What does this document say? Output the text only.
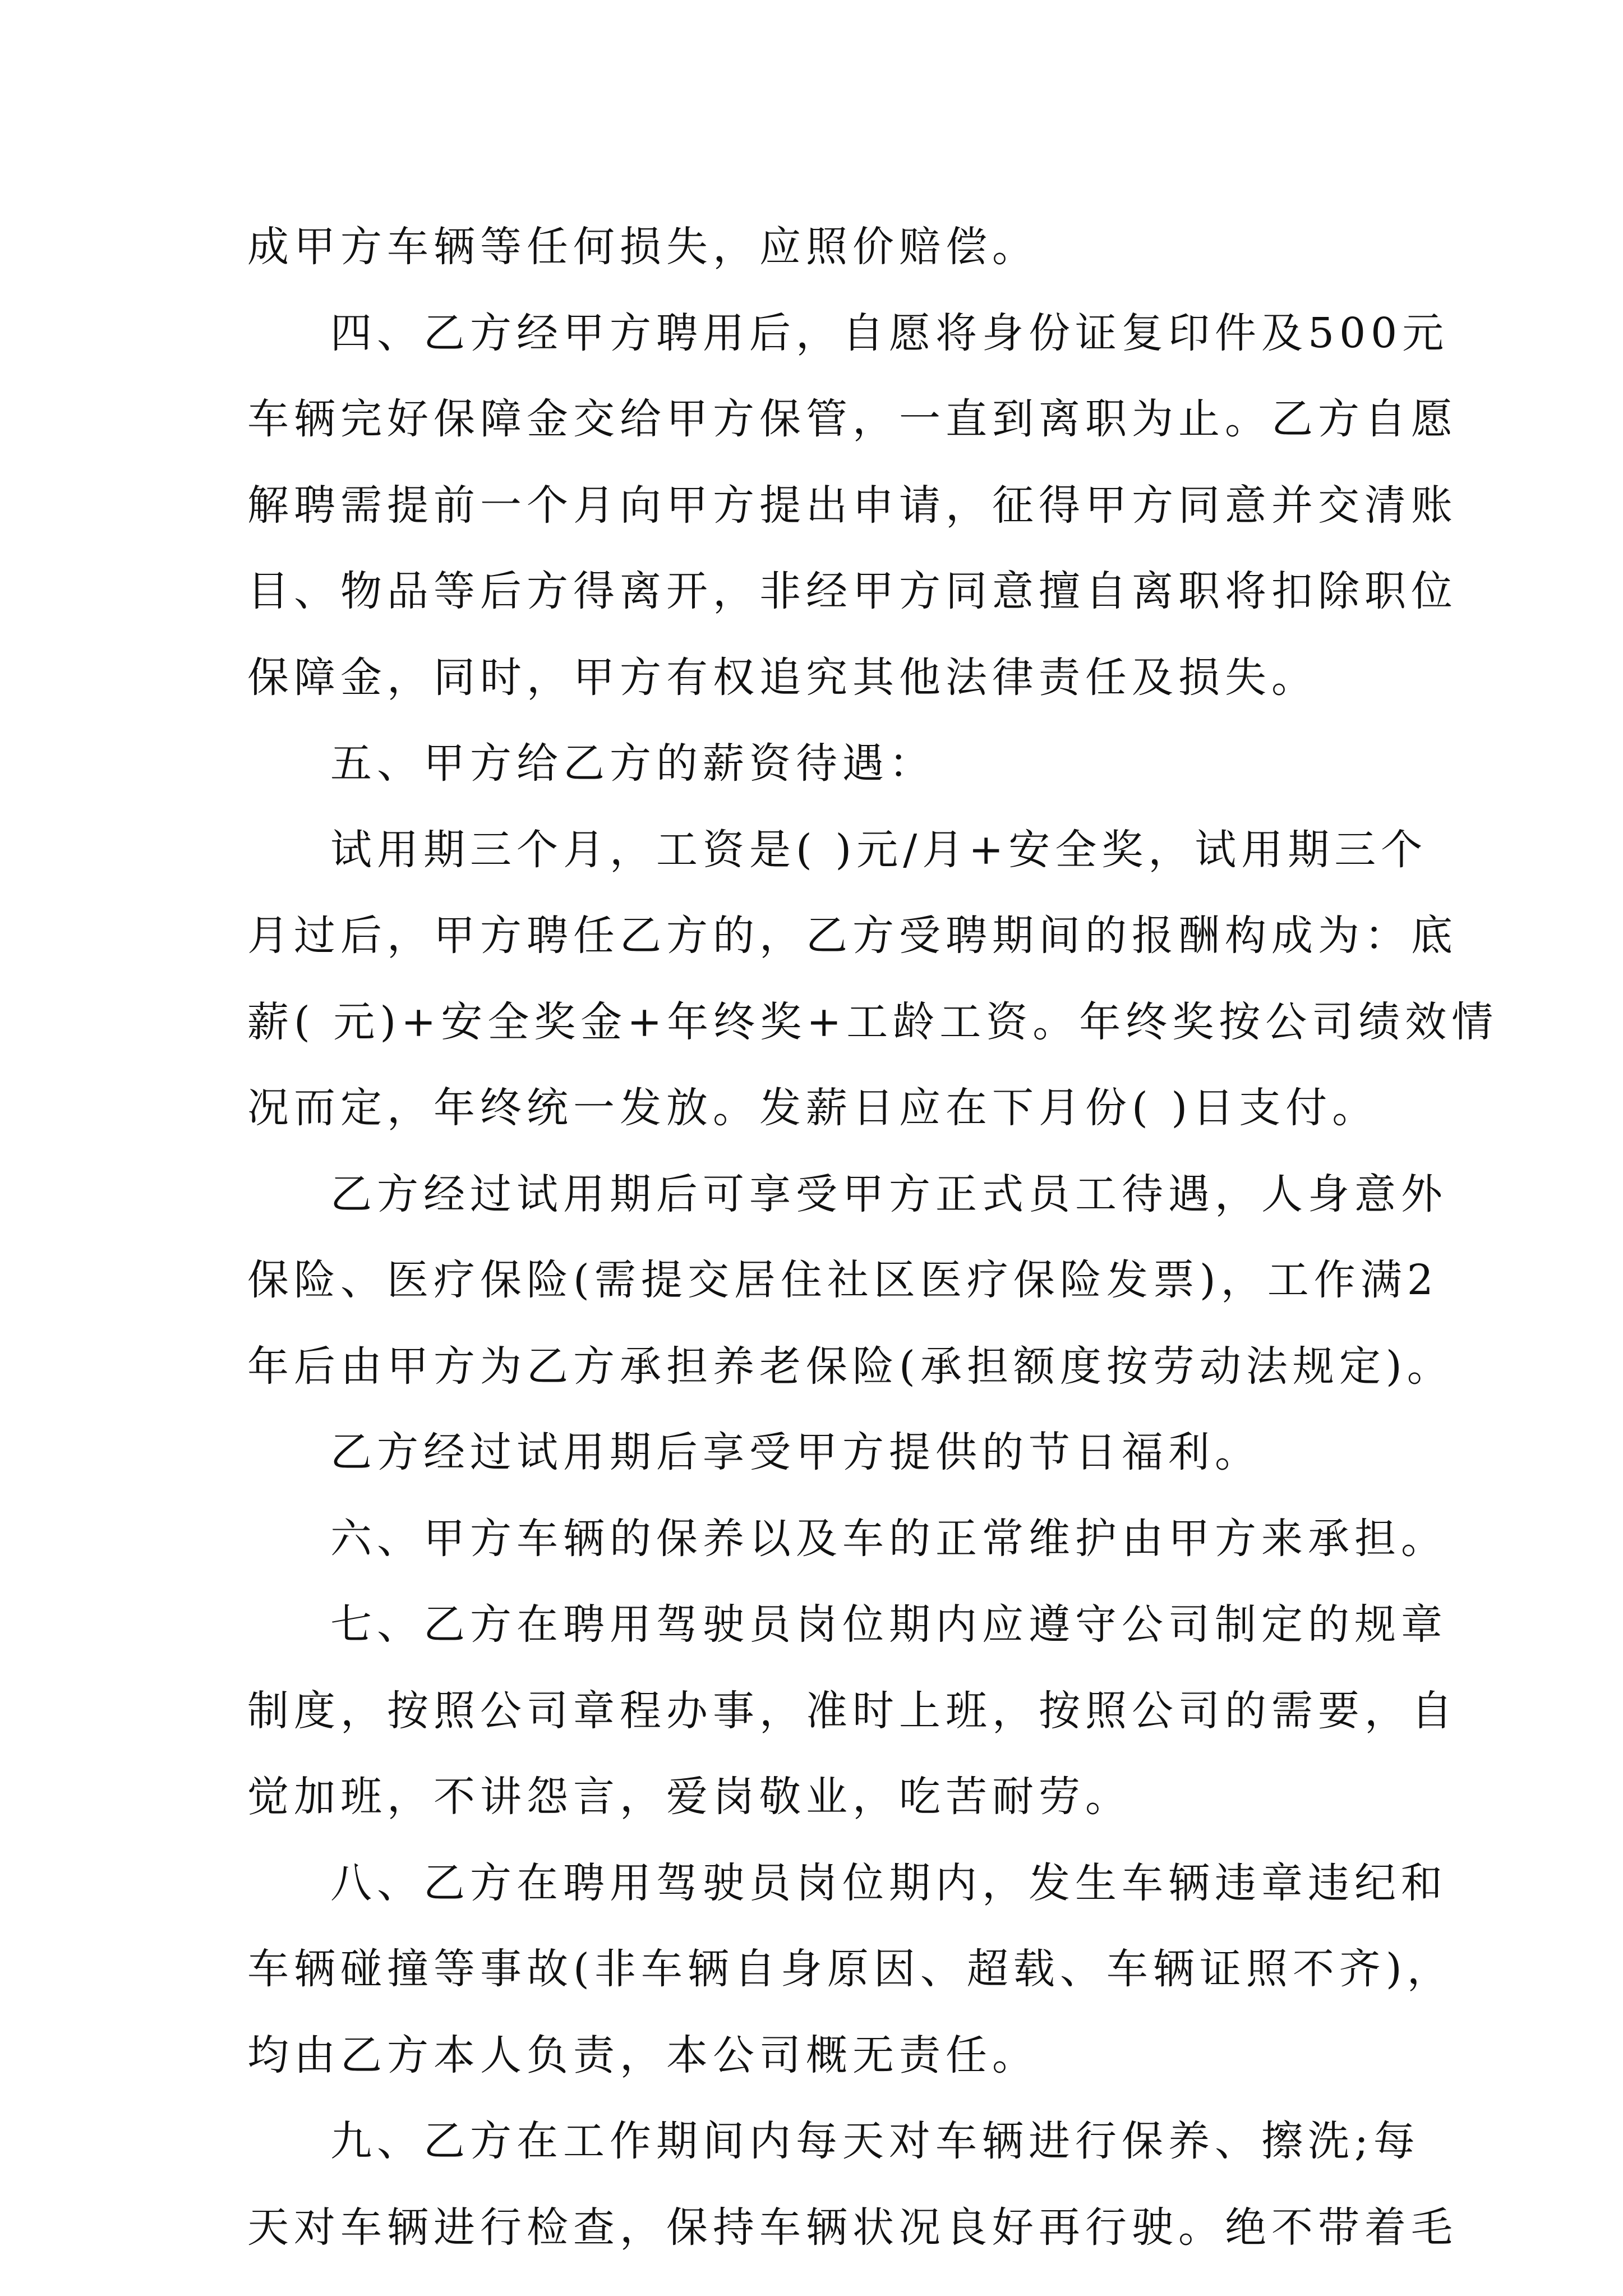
成甲方车辆等任何损失，应照价赔偿。
四、乙方经甲方聘用后，自愿将身份证复印件及500元
车辆完好保障金交给甲方保管，一直到离职为止。乙方自愿
解聘需提前一个月向甲方提出申请，征得甲方同意并交清账
目、物品等后方得离开，非经甲方同意擅自离职将扣除职位
保障金，同时，甲方有权追究其他法律责任及损失。
五、甲方给乙方的薪资待遇：
试用期三个月，工资是( )元/月+安全奖，试用期三个
月过后，甲方聘任乙方的，乙方受聘期间的报酬构成为：底
薪( 元)+安全奖金+年终奖+工龄工资。年终奖按公司绩效情
况而定，年终统一发放。发薪日应在下月份( )日支付。
乙方经过试用期后可享受甲方正式员工待遇，人身意外
保险、医疗保险(需提交居住社区医疗保险发票)，工作满2
年后由甲方为乙方承担养老保险(承担额度按劳动法规定)。
乙方经过试用期后享受甲方提供的节日福利。
六、甲方车辆的保养以及车的正常维护由甲方来承担。
七、乙方在聘用驾驶员岗位期内应遵守公司制定的规章
制度，按照公司章程办事，准时上班，按照公司的需要，自
觉加班，不讲怨言，爱岗敬业，吃苦耐劳。
八、乙方在聘用驾驶员岗位期内，发生车辆违章违纪和
车辆碰撞等事故(非车辆自身原因、超载、车辆证照不齐)，
均由乙方本人负责，本公司概无责任。
九、乙方在工作期间内每天对车辆进行保养、擦洗;每
天对车辆进行检查，保持车辆状况良好再行驶。绝不带着毛
